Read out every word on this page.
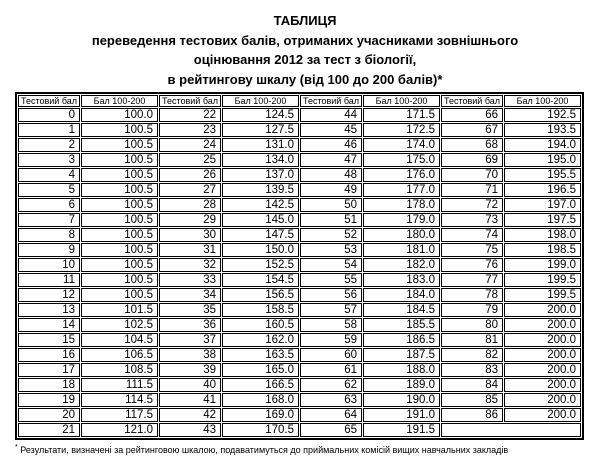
ТАБЛИЦЯ
переведення тестових балів, отриманих учасниками зовнішнього
оцінювання 2012 за тест з біології,
в рейтингову шкалу (від 100 до 200 балів)*
Тестовий бал	Бал 100-200	Тестовий бал	Бал 100-200	Тестовий бал	Бал 100-200	Тестовий бал	Бал 100-200
0	100.0	22	124.5	44	171.5	66	192.5
1	100.5	23	127.5	45	172.5	67	193.5
2	100.5	24	131.0	46	174.0	68	194.0
3	100.5	25	134.0	47	175.0	69	195.0
4	100.5	26	137.0	48	176.0	70	195.5
5	100.5	27	139.5	49	177.0	71	196.5
6	100.5	28	142.5	50	178.0	72	197.0
7	100.5	29	145.0	51	179.0	73	197.5
8	100.5	30	147.5	52	180.0	74	198.0
9	100.5	31	150.0	53	181.0	75	198.5
10	100.5	32	152.5	54	182.0	76	199.0
11	100.5	33	154.5	55	183.0	77	199.5
12	100.5	34	156.5	56	184.0	78	199.5
13	101.5	35	158.5	57	184.5	79	200.0
14	102.5	36	160.5	58	185.5	80	200.0
15	104.5	37	162.0	59	186.5	81	200.0
16	106.5	38	163.5	60	187.5	82	200.0
17	108.5	39	165.0	61	188.0	83	200.0
18	111.5	40	166.5	62	189.0	84	200.0
19	114.5	41	168.0	63	190.0	85	200.0
20	117.5	42	169.0	64	191.0	86	200.0
21	121.0	43	170.5	65	191.5		
* Результати, визначені за рейтинговою шкалою, подаватимуться до приймальних комісій вищих навчальних закладів
